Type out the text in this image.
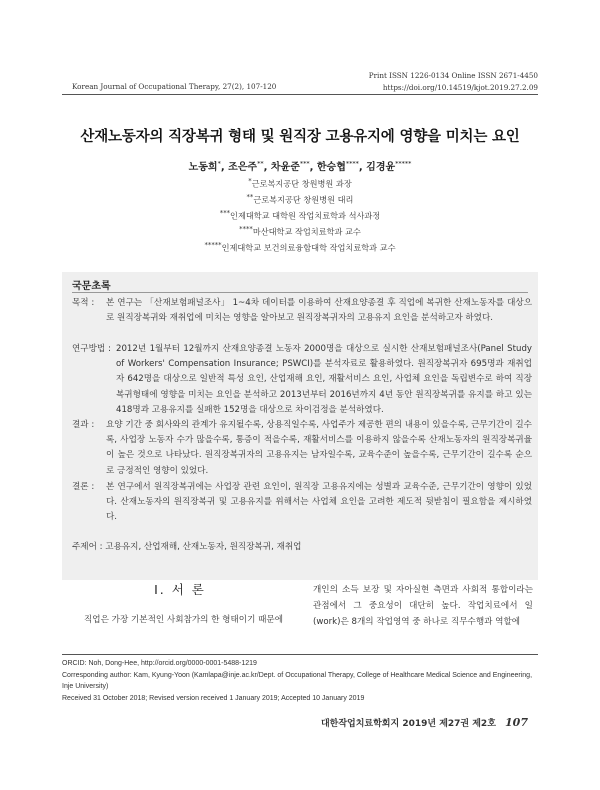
Korean Journal of Occupational Therapy, 27(2), 107-120
Print ISSN 1226-0134 Online ISSN 2671-4450
https://doi.org/10.14519/kjot.2019.27.2.09
산재노동자의 직장복귀 형태 및 원직장 고용유지에 영향을 미치는 요인
노동희*, 조은주**, 차윤준***, 한승협****, 김경윤*****
*근로복지공단 창원병원 과장
**근로복지공단 창원병원 대리
***인제대학교 대학원 작업치료학과 석사과정
****마산대학교 작업치료학과 교수
*****인제대학교 보건의료융합대학 작업치료학과 교수
국문초록
목적 :	본 연구는 「산재보험패널조사」 1~4차 데이터를 이용하여 산재요양종결 후 직업에 복귀한 산재노동자를 대상으로 원직장복귀와 재취업에 미치는 영향을 알아보고 원직장복귀자의 고용유지 요인을 분석하고자 하였다.
연구방법 : 2012년 1월부터 12월까지 산재요양종결 노동자 2000명을 대상으로 실시한 산재보험패널조사(Panel Study of Workers' Compensation Insurance; PSWCI)를 분석자료로 활용하였다. 원직장복귀자 695명과 재취업자 642명을 대상으로 일반적 특성 요인, 산업재해 요인, 재활서비스 요인, 사업체 요인을 독립변수로 하여 직장복귀형태에 영향을 미치는 요인을 분석하고 2013년부터 2016년까지 4년 동안 원직장복귀를 유지를 하고 있는 418명과 고용유지를 실패한 152명을 대상으로 차이검정을 분석하였다.
결과 :	요양 기간 중 회사와의 관계가 유지될수록, 상용직일수록, 사업주가 제공한 편의 내용이 있을수록, 근무기간이 길수록, 사업장 노동자 수가 많을수록, 통증이 적을수록, 재활서비스를 이용하지 않을수록 산재노동자의 원직장복귀율이 높은 것으로 나타났다. 원직장복귀자의 고용유지는 남자일수록, 교육수준이 높을수록, 근무기간이 길수록 순으로 긍정적인 영향이 있었다.
결론 :	본 연구에서 원직장복귀에는 사업장 관련 요인이, 원직장 고용유지에는 성별과 교육수준, 근무기간이 영향이 있었다. 산재노동자의 원직장복귀 및 고용유지를 위해서는 사업체 요인을 고려한 제도적 뒷받침이 필요함을 제시하였다.
주제어 : 고용유지, 산업재해, 산재노동자, 원직장복귀, 재취업
Ⅰ. 서 론
직업은 가장 기본적인 사회참가의 한 형태이기 때문에
개인의 소득 보장 및 자아실현 측면과 사회적 통합이라는 관점에서 그 중요성이 대단히 높다. 작업치료에서 일(work)은 8개의 작업영역 중 하나로 직무수행과 역할에
ORCID: Noh, Dong-Hee, http://orcid.org/0000-0001-5488-1219
Corresponding author: Kam, Kyung-Yoon (Kamlapa@inje.ac.kr/Dept. of Occupational Therapy, College of Healthcare Medical Science and Engineering, Inje University)
Received 31 October 2018; Revised version received 1 January 2019; Accepted 10 January 2019
대한작업치료학회지 2019년 제27권 제2호 107
